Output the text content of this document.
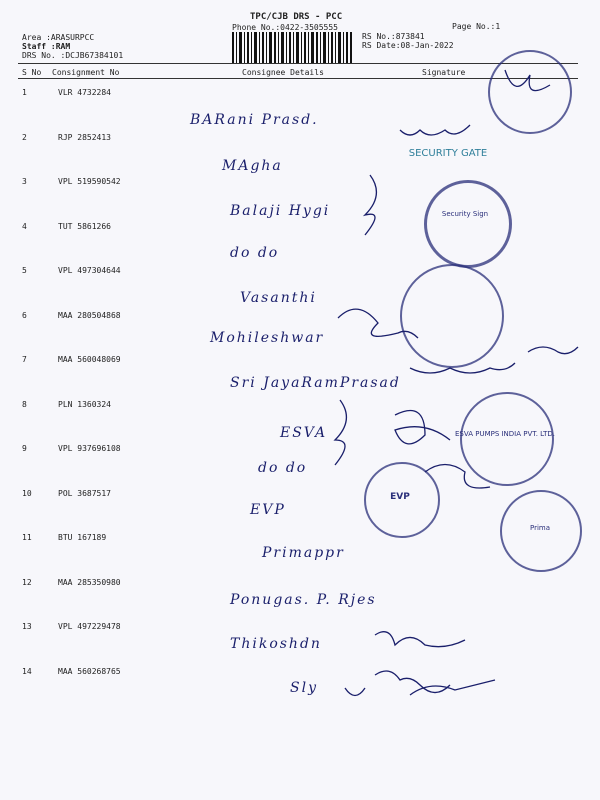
TPC/CJB DRS - PCC
Phone No.:0422-3505555	Page No.:1
Area :ARASURPCC
Staff :RAM
DRS No. :DCJB67384101
RS No.:873841
RS Date:08-Jan-2022
S No Consignment No	Consignee Details	Signature
1	VLR 4732284
BARani Prasd.
2	RJP 2852413
MAgha
3	VPL 519590542
Balaji Hygi
4	TUT 5861266
do do
5	VPL 497304644
Vasanthi
6	MAA 280504868
Mohileshwar
7	MAA 560048069
Sri JayaRamPrasad
8	PLN 1360324
ESVA
9	VPL 937696108
do do
10	POL 3687517
EVP
11	BTU 167189
Primappr
12	MAA 285350980
Ponugas. P. Rjes
13	VPL 497229478
Thikoshdn
14	MAA 560268765
Sly
SECURITY GATE
Security Sign
ESVA PUMPS INDIA PVT. LTD.
EVP
Prima
